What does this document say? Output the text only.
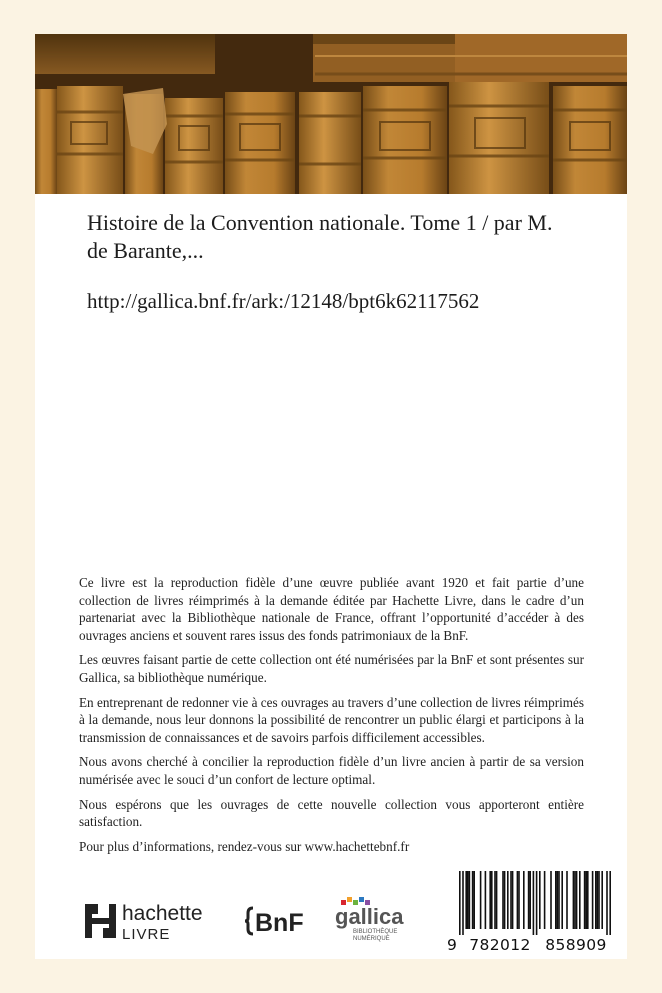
Histoire de la Convention nationale. Tome 1 / par M. de Barante,...
http://gallica.bnf.fr/ark:/12148/bpt6k62117562

Ce livre est la reproduction fidèle d’une œuvre publiée avant 1920 et fait partie d’une collection de livres réimprimés à la demande éditée par Hachette Livre, dans le cadre d’un partenariat avec la Bibliothèque nationale de France, offrant l’opportunité d’accéder à des ouvrages anciens et souvent rares issus des fonds patrimoniaux de la BnF.

Les œuvres faisant partie de cette collection ont été numérisées par la BnF et sont présentes sur Gallica, sa bibliothèque numérique.

En entreprenant de redonner vie à ces ouvrages au travers d’une collection de livres réimprimés à la demande, nous leur donnons la possibilité de rencontrer un public élargi et participons à la transmission de connaissances et de savoirs parfois difficilement accessibles.

Nous avons cherché à concilier la reproduction fidèle d’un livre ancien à partir de sa version numérisée avec le souci d’un confort de lecture optimal.

Nous espérons que les ouvrages de cette nouvelle collection vous apporteront entière satisfaction.

Pour plus d’informations, rendez-vous sur www.hachettebnf.fr

hachette
LIVRE	BnF gallica
BIBLIOTHÈQUE
NUMÉRIQUE	9 782012 858909
